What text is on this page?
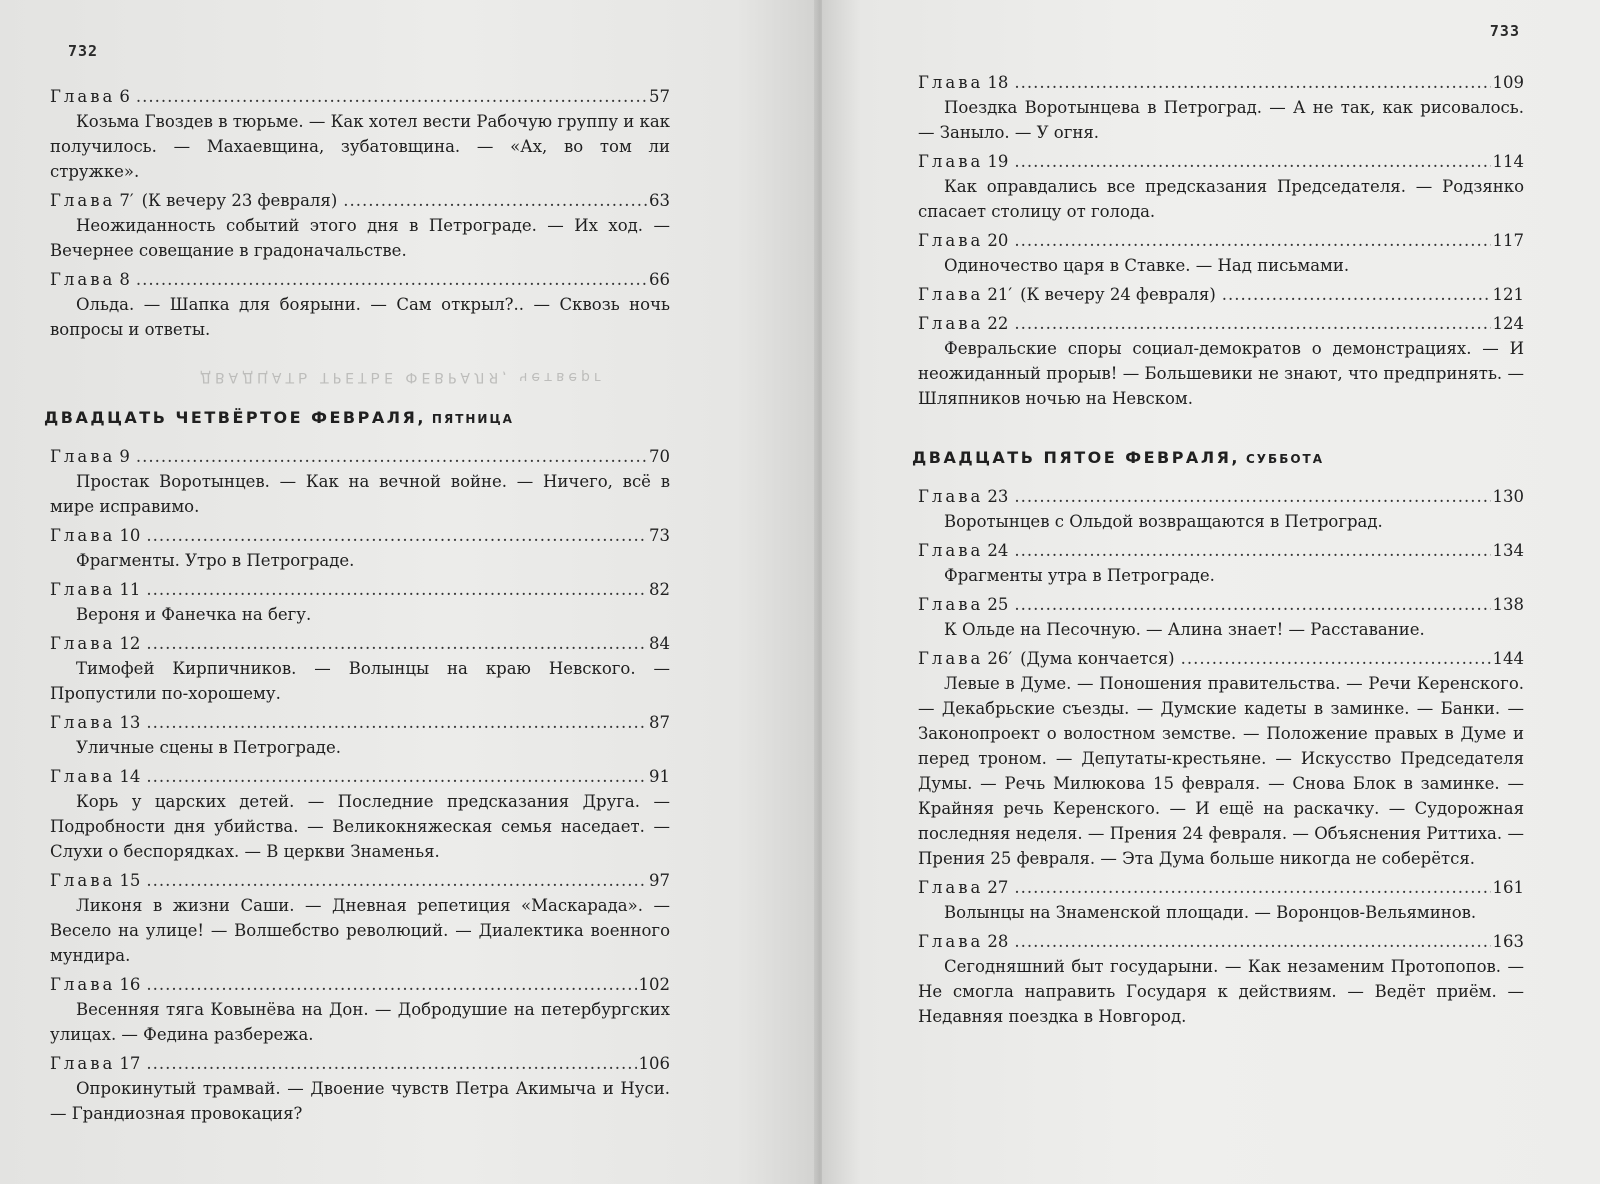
732
Глава 6 .....	57
Козьма Гвоздев в тюрьме. — Как хотел вести Рабочую группу и как получилось. — Махаевщина, зубатовщина. — «Ах, во том ли стружке».
Глава 7′ (К вечеру 23 февраля) .....	63
Неожиданность событий этого дня в Петрограде. — Их ход. — Вечернее совещание в градоначальстве.
Глава 8 .....	66
Ольда. — Шапка для боярыни. — Сам открыл?.. — Сквозь ночь вопросы и ответы.
ДВАДЦАТЬ ТРЕТЬЕ ФЕВРАЛЯ, четверг
ДВАДЦАТЬ ЧЕТВЁРТОЕ ФЕВРАЛЯ, ПЯТНИЦА
Глава 9 .....	70
Простак Воротынцев. — Как на вечной войне. — Ничего, всё в мире исправимо.
Глава 10 .....	73
Фрагменты. Утро в Петрограде.
Глава 11 .....	82
Вероня и Фанечка на бегу.
Глава 12 .....	84
Тимофей Кирпичников. — Волынцы на краю Невского. — Пропустили по-хорошему.
Глава 13 .....	87
Уличные сцены в Петрограде.
Глава 14 .....	91
Корь у царских детей. — Последние предсказания Друга. — Подробности дня убийства. — Великокняжеская семья наседает. — Слухи о беспорядках. — В церкви Знаменья.
Глава 15 .....	97
Ликоня в жизни Саши. — Дневная репетиция «Маскарада». — Весело на улице! — Волшебство революций. — Диалектика военного мундира.
Глава 16 .....	102
Весенняя тяга Ковынёва на Дон. — Добродушие на петербургских улицах. — Федина разбережа.
Глава 17 .....	106
Опрокинутый трамвай. — Двоение чувств Петра Акимыча и Нуси. — Грандиозная провокация?
733
Глава 18 .....	109
Поездка Воротынцева в Петроград. — А не так, как рисовалось. — Заныло. — У огня.
Глава 19 .....	114
Как оправдались все предсказания Председателя. — Родзянко спасает столицу от голода.
Глава 20 .....	117
Одиночество царя в Ставке. — Над письмами.
Глава 21′ (К вечеру 24 февраля) .....	121
Глава 22 .....	124
Февральские споры социал-демократов о демонстрациях. — И неожиданный прорыв! — Большевики не знают, что предпринять. — Шляпников ночью на Невском.
ДВАДЦАТЬ ПЯТОЕ ФЕВРАЛЯ, СУББОТА
Глава 23 .....	130
Воротынцев с Ольдой возвращаются в Петроград.
Глава 24 .....	134
Фрагменты утра в Петрограде.
Глава 25 .....	138
К Ольде на Песочную. — Алина знает! — Расставание.
Глава 26′ (Дума кончается) .....	144
Левые в Думе. — Поношения правительства. — Речи Керенского. — Декабрьские съезды. — Думские кадеты в заминке. — Банки. — Законопроект о волостном земстве. — Положение правых в Думе и перед троном. — Депутаты-крестьяне. — Искусство Председателя Думы. — Речь Милюкова 15 февраля. — Снова Блок в заминке. — Крайняя речь Керенского. — И ещё на раскачку. — Судорожная последняя неделя. — Прения 24 февраля. — Объяснения Риттиха. — Прения 25 февраля. — Эта Дума больше никогда не соберётся.
Глава 27 .....	161
Волынцы на Знаменской площади. — Воронцов-Вельяминов.
Глава 28 .....	163
Сегодняшний быт государыни. — Как незаменим Протопопов. — Не смогла направить Государя к действиям. — Ведёт приём. — Недавняя поездка в Новгород.
